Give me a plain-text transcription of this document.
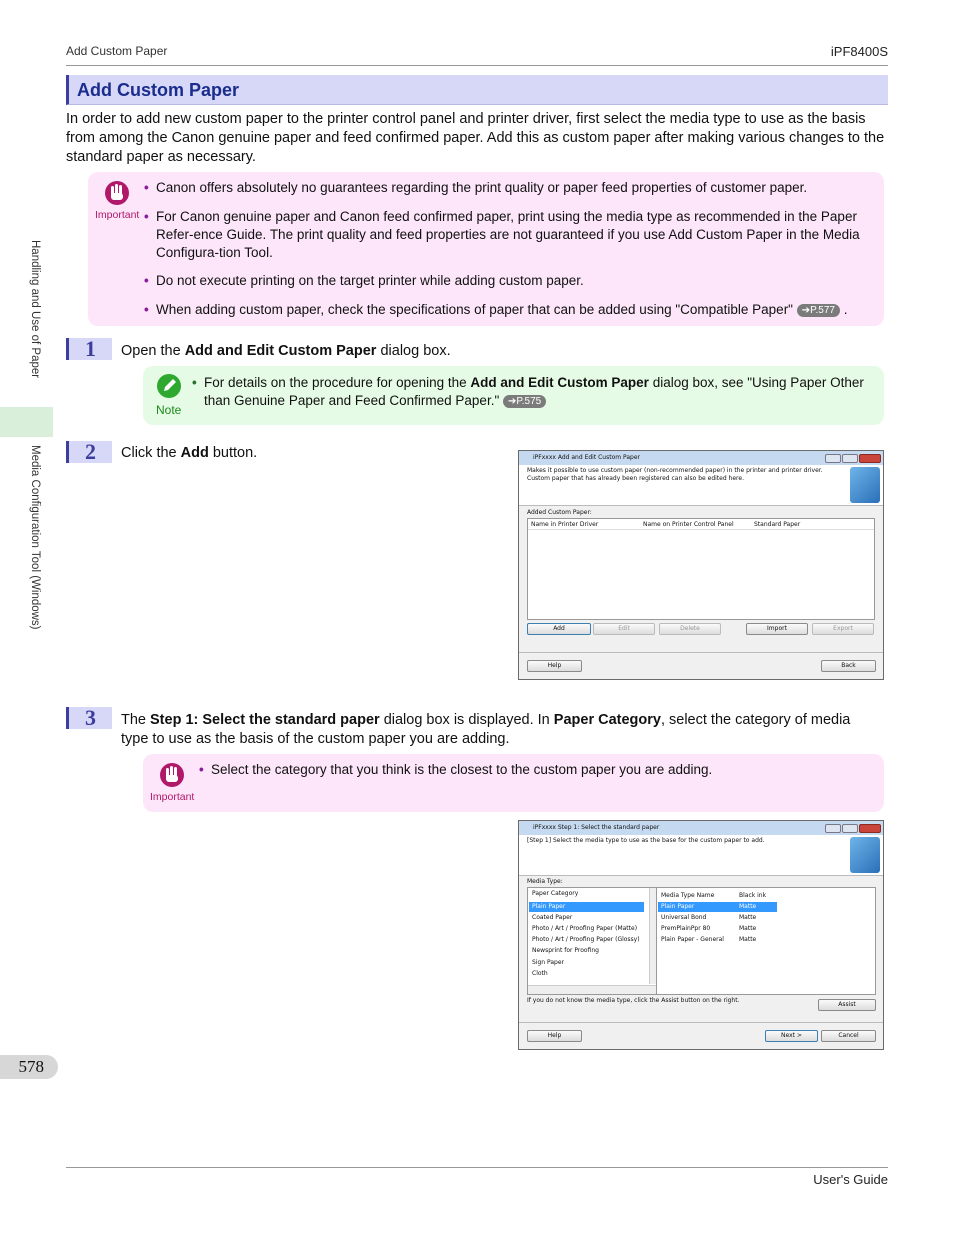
Add Custom Paper	iPF8400S
Handling and Use of Paper
Media Configuration Tool (Windows)
Add Custom Paper
In order to add new custom paper to the printer control panel and printer driver, first select the media type to use as the basis from among the Canon genuine paper and feed confirmed paper. Add this as custom paper after making various changes to the standard paper as necessary.
Important
• Canon offers absolutely no guarantees regarding the print quality or paper feed properties of customer paper.
• For Canon genuine paper and Canon feed confirmed paper, print using the media type as recommended in the Paper Refer-ence Guide. The print quality and feed properties are not guaranteed if you use Add Custom Paper in the Media Configura-tion Tool.
• Do not execute printing on the target printer while adding custom paper.
• When adding custom paper, check the specifications of paper that can be added using "Compatible Paper" ➔P.577 .
1	Open the Add and Edit Custom Paper dialog box.
Note
• For details on the procedure for opening the Add and Edit Custom Paper dialog box, see "Using Paper Other than Genuine Paper and Feed Confirmed Paper." ➔P.575
2	Click the Add button.	iPFxxxx Add and Edit Custom Paper
Makes it possible to use custom paper (non-recommended paper) in the printer and printer driver. Custom paper that has already been registered can also be edited here.
Added Custom Paper:
Name in Printer Driver	Name on Printer Control Panel	Standard Paper
Add	Edit	Delete	Import	Export
Help	Back
3	The Step 1: Select the standard paper dialog box is displayed. In Paper Category, select the category of media type to use as the basis of the custom paper you are adding.
Important
• Select the category that you think is the closest to the custom paper you are adding.
iPFxxxx Step 1: Select the standard paper
[Step 1] Select the media type to use as the base for the custom paper to add.
Media Type:
Paper Category
Plain Paper
Coated Paper
Photo / Art / Proofing Paper (Matte)
Photo / Art / Proofing Paper (Glossy)
Newsprint for Proofing
Sign Paper
Cloth
Media Type Name	Black ink
Plain Paper	Matte
Universal Bond	Matte
PremPlainPpr 80	Matte
Plain Paper - General	Matte
If you do not know the media type, click the Assist button on the right.
Assist
Help	Next >	Cancel
578
User's Guide
